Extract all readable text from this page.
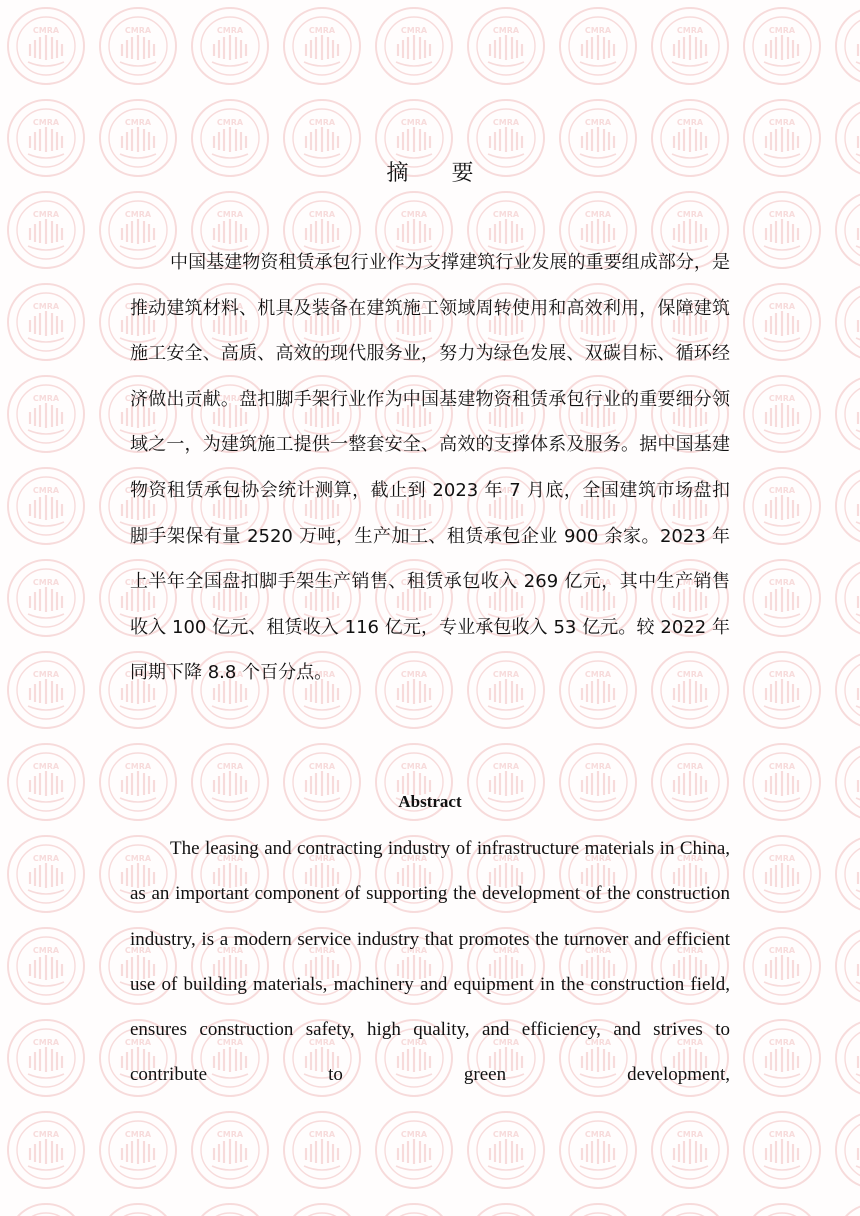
摘 要

中国基建物资租赁承包行业作为支撑建筑行业发展的重要组成部分，是推动建筑材料、机具及装备在建筑施工领域周转使用和高效利用，保障建筑施工安全、高质、高效的现代服务业，努力为绿色发展、双碳目标、循环经济做出贡献。盘扣脚手架行业作为中国基建物资租赁承包行业的重要细分领域之一，为建筑施工提供一整套安全、高效的支撑体系及服务。据中国基建物资租赁承包协会统计测算，截止到 2023 年 7 月底，全国建筑市场盘扣脚手架保有量 2520 万吨，生产加工、租赁承包企业 900 余家。2023 年上半年全国盘扣脚手架生产销售、租赁承包收入 269 亿元，其中生产销售收入 100 亿元、租赁收入 116 亿元，专业承包收入 53 亿元。较 2022 年同期下降 8.8 个百分点。

Abstract

The leasing and contracting industry of infrastructure materials in China, as an important component of supporting the development of the construction industry, is a modern service industry that promotes the turnover and efficient use of building materials, machinery and equipment in the construction field, ensures construction safety, high quality, and efficiency, and strives to contribute to green development,
